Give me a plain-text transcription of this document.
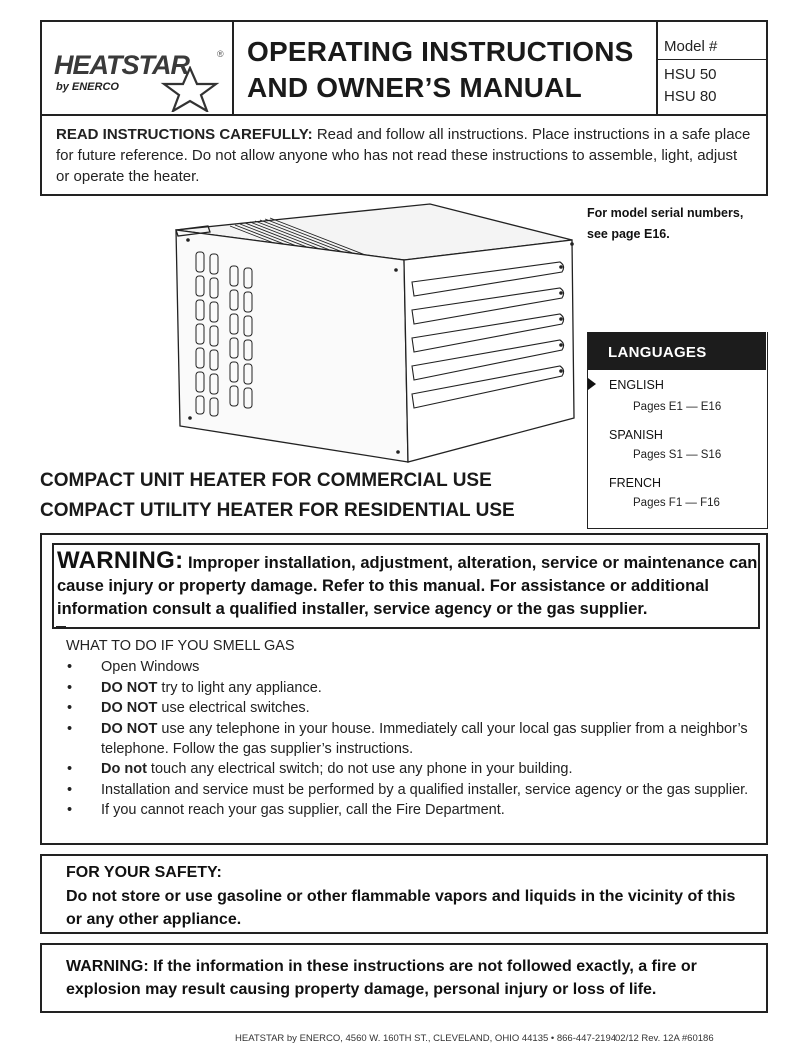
HEATSTAR	®
by ENERCO
OPERATING INSTRUCTIONS
AND OWNER’S MANUAL
Model #
HSU 50
HSU 80
READ INSTRUCTIONS CAREFULLY: Read and follow all instructions. Place instructions in a safe place for future reference. Do not allow anyone who has not read these instructions to assemble, light, adjust or operate the heater.
For model serial numbers,
see page E16.
LANGUAGES
ENGLISH
Pages E1 — E16
SPANISH
Pages S1 — S16
FRENCH
Pages F1 — F16
COMPACT UNIT HEATER FOR COMMERCIAL USE
COMPACT UTILITY HEATER FOR RESIDENTIAL USE
WARNING: Improper installation, adjustment, alteration, service or maintenance can cause injury or property damage. Refer to this manual. For assistance or additional information consult a qualified installer, service agency or the gas supplier.
WHAT TO DO IF YOU SMELL GAS
• Open Windows
• DO NOT try to light any appliance.
• DO NOT use electrical switches.
• DO NOT use any telephone in your house. Immediately call your local gas supplier from a neighbor’s telephone. Follow the gas supplier’s instructions.
• Do not touch any electrical switch; do not use any phone in your building.
• Installation and service must be performed by a qualified installer, service agency or the gas supplier.
• If you cannot reach your gas supplier, call the Fire Department.
FOR YOUR SAFETY:
Do not store or use gasoline or other flammable vapors and liquids in the vicinity of this or any other appliance.
WARNING: If the information in these instructions are not followed exactly, a fire or explosion may result causing property damage, personal injury or loss of life.
HEATSTAR by ENERCO, 4560 W. 160TH ST., CLEVELAND, OHIO 44135 • 866-447-2194
02/12 Rev. 12A #60186
